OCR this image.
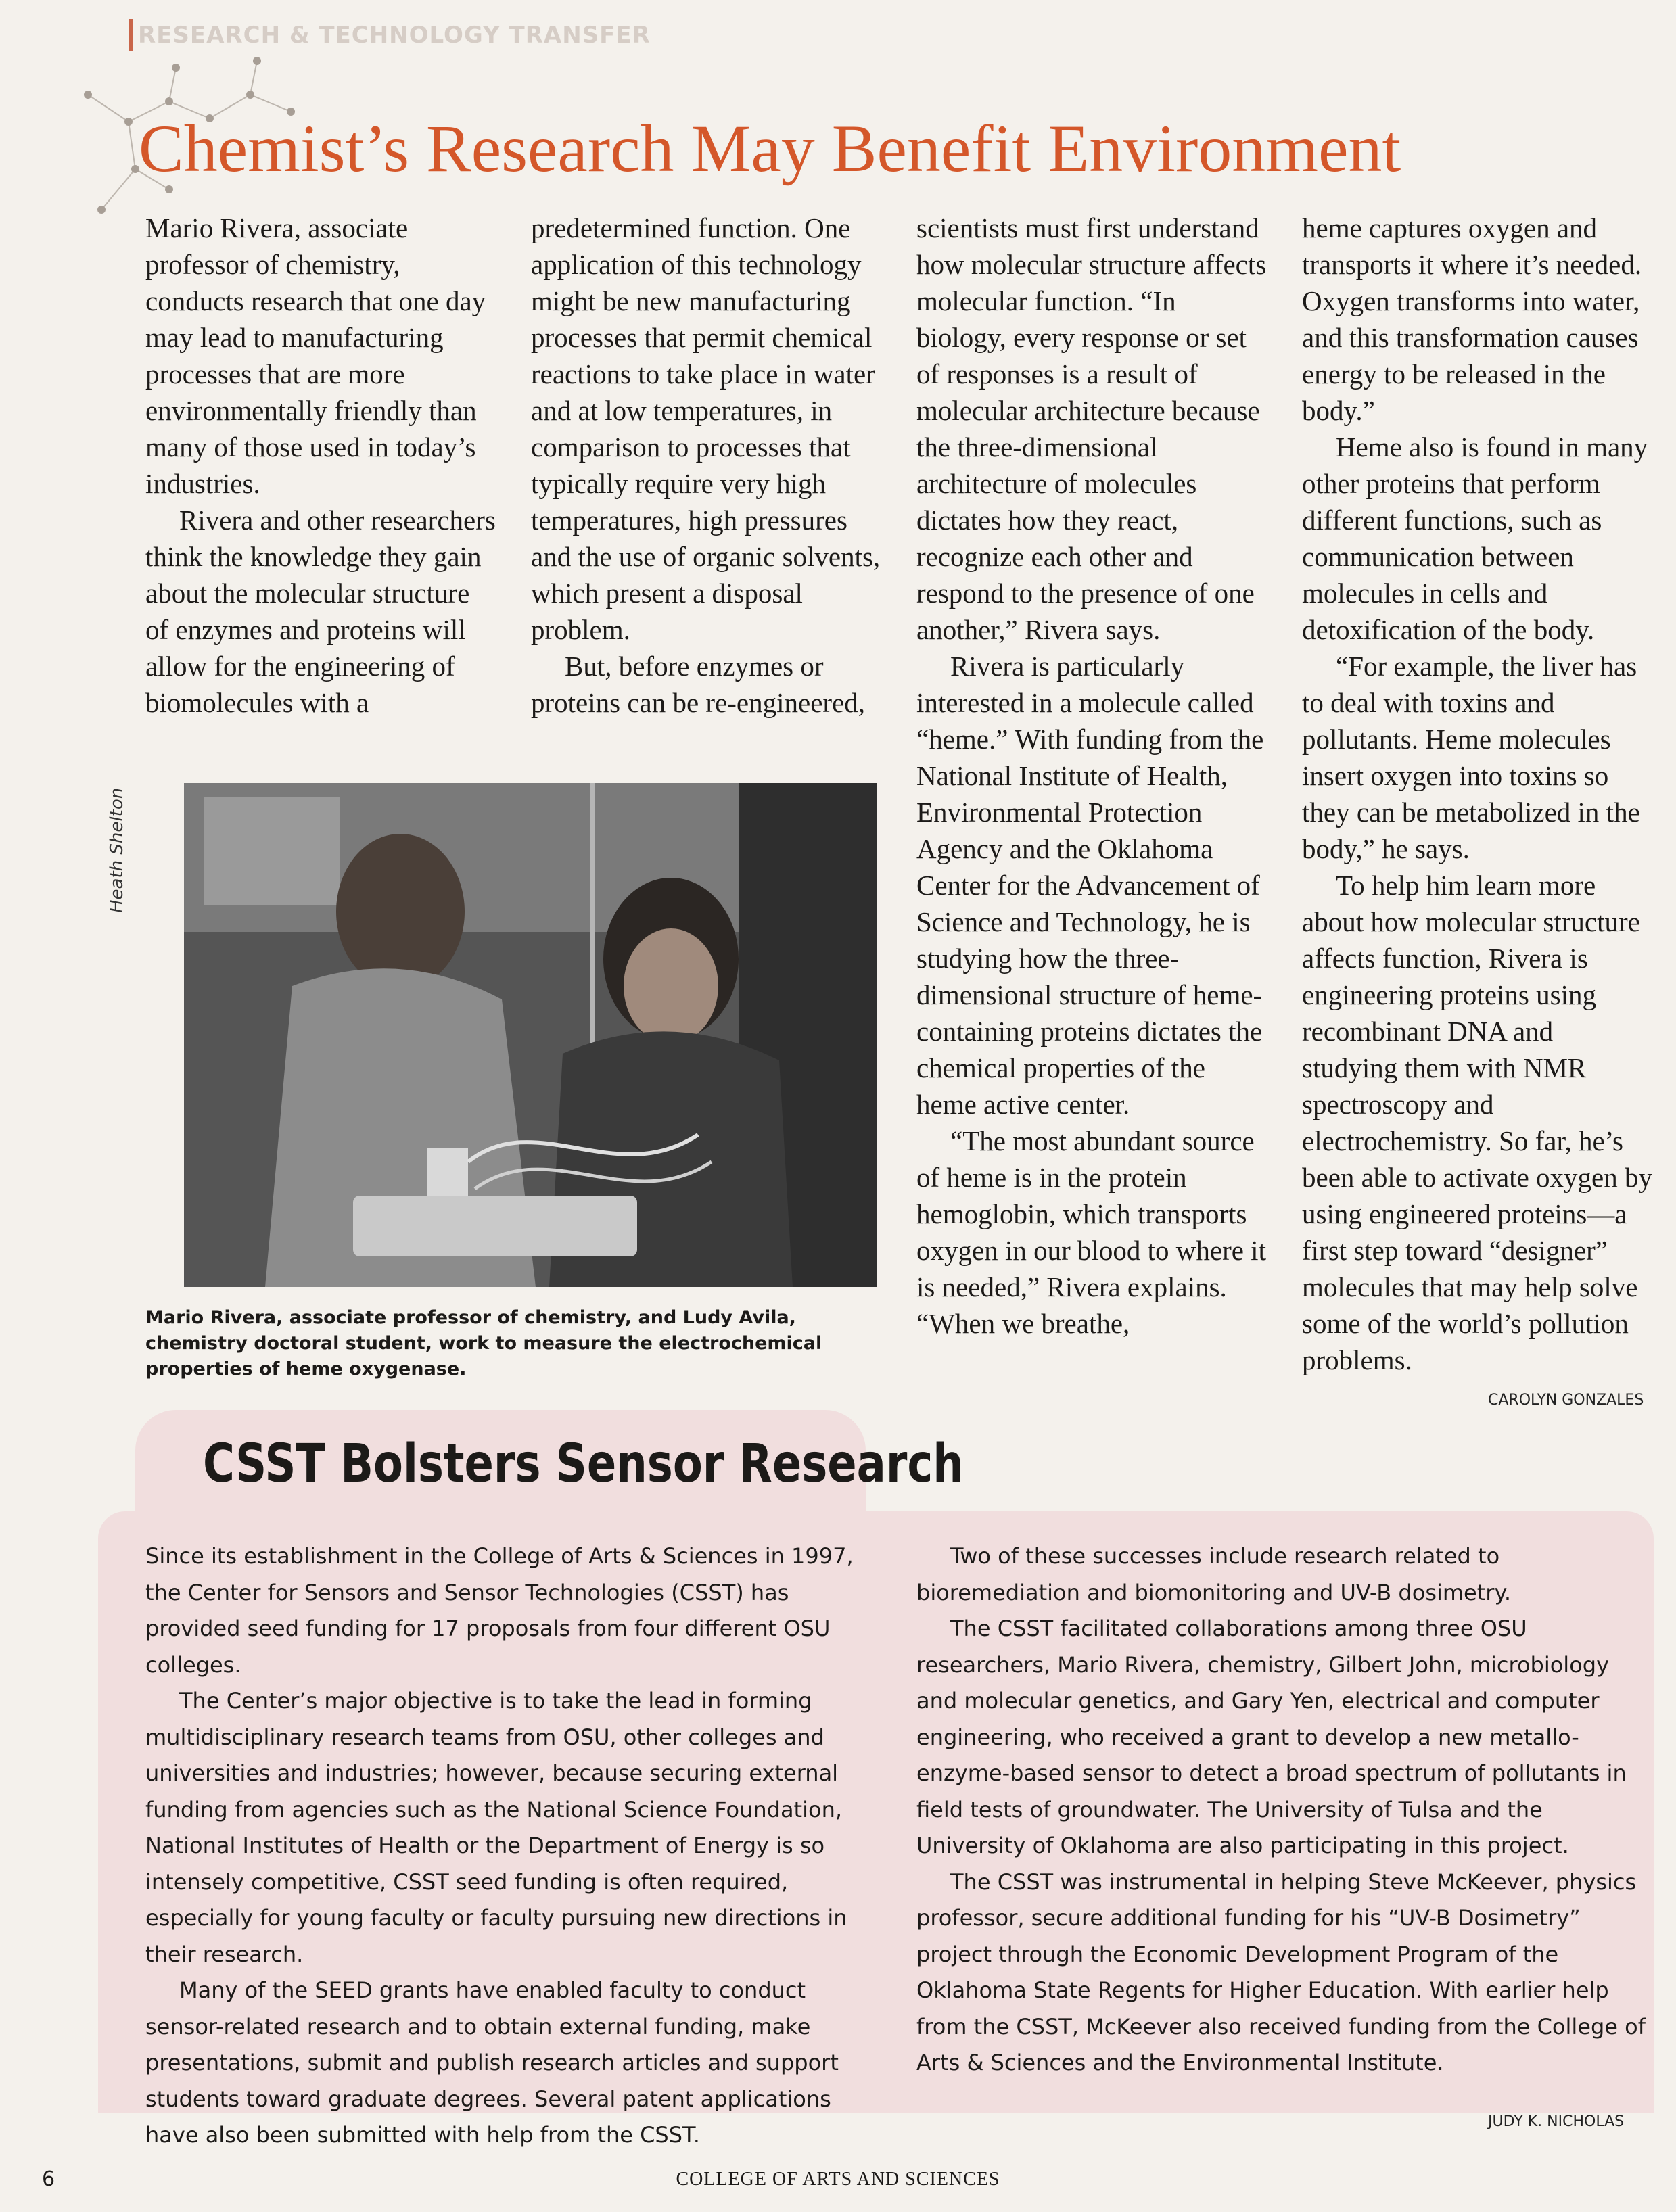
RESEARCH & TECHNOLOGY TRANSFER
Chemist’s Research May Benefit Environment

Mario Rivera, associate professor of chemistry, conducts research that one day may lead to manufacturing processes that are more environmentally friendly than many of those used in today’s industries.

Rivera and other researchers think the knowledge they gain about the molecular structure of enzymes and proteins will allow for the engineering of biomolecules with a

predetermined function. One application of this technology might be new manufacturing processes that permit chemical reactions to take place in water and at low temperatures, in comparison to processes that typically require very high temperatures, high pressures and the use of organic solvents, which present a disposal problem.

But, before enzymes or proteins can be re-engineered,

scientists must first understand how molecular structure affects molecular function. “In biology, every response or set of responses is a result of molecular architecture because the three-dimensional architecture of molecules dictates how they react, recognize each other and respond to the presence of one another,” Rivera says.

Rivera is particularly interested in a molecule called “heme.” With funding from the National Institute of Health, Environmental Protection Agency and the Oklahoma Center for the Advancement of Science and Technology, he is studying how the three-dimensional structure of heme-containing proteins dictates the chemical properties of the heme active center.

“The most abundant source of heme is in the protein hemoglobin, which transports oxygen in our blood to where it is needed,” Rivera explains. “When we breathe,

heme captures oxygen and transports it where it’s needed. Oxygen transforms into water, and this transformation causes energy to be released in the body.”

Heme also is found in many other proteins that perform different functions, such as communication between molecules in cells and detoxification of the body.

“For example, the liver has to deal with toxins and pollutants. Heme molecules insert oxygen into toxins so they can be metabolized in the body,” he says.

To help him learn more about how molecular structure affects function, Rivera is engineering proteins using recombinant DNA and studying them with NMR spectroscopy and electrochemistry. So far, he’s been able to activate oxygen by using engineered proteins—a first step toward “designer” molecules that may help solve some of the world’s pollution problems.

Heath Shelton

Mario Rivera, associate professor of chemistry, and Ludy Avila, chemistry doctoral student, work to measure the electrochemical properties of heme oxygenase.

CAROLYN GONZALES

CSST Bolsters Sensor Research

Since its establishment in the College of Arts & Sciences in 1997, the Center for Sensors and Sensor Technologies (CSST) has provided seed funding for 17 proposals from four different OSU colleges.

The Center’s major objective is to take the lead in forming multidisciplinary research teams from OSU, other colleges and universities and industries; however, because securing external funding from agencies such as the National Science Foundation, National Institutes of Health or the Department of Energy is so intensely competitive, CSST seed funding is often required, especially for young faculty or faculty pursuing new directions in their research.

Many of the SEED grants have enabled faculty to conduct sensor-related research and to obtain external funding, make presentations, submit and publish research articles and support students toward graduate degrees. Several patent applications have also been submitted with help from the CSST.

Two of these successes include research related to bioremediation and biomonitoring and UV-B dosimetry.

The CSST facilitated collaborations among three OSU researchers, Mario Rivera, chemistry, Gilbert John, microbiology and molecular genetics, and Gary Yen, electrical and computer engineering, who received a grant to develop a new metallo-enzyme-based sensor to detect a broad spectrum of pollutants in field tests of groundwater. The University of Tulsa and the University of Oklahoma are also participating in this project.

The CSST was instrumental in helping Steve McKeever, physics professor, secure additional funding for his “UV-B Dosimetry” project through the Economic Development Program of the Oklahoma State Regents for Higher Education. With earlier help from the CSST, McKeever also received funding from the College of Arts & Sciences and the Environmental Institute.

JUDY K. NICHOLAS

6	COLLEGE OF ARTS AND SCIENCES
